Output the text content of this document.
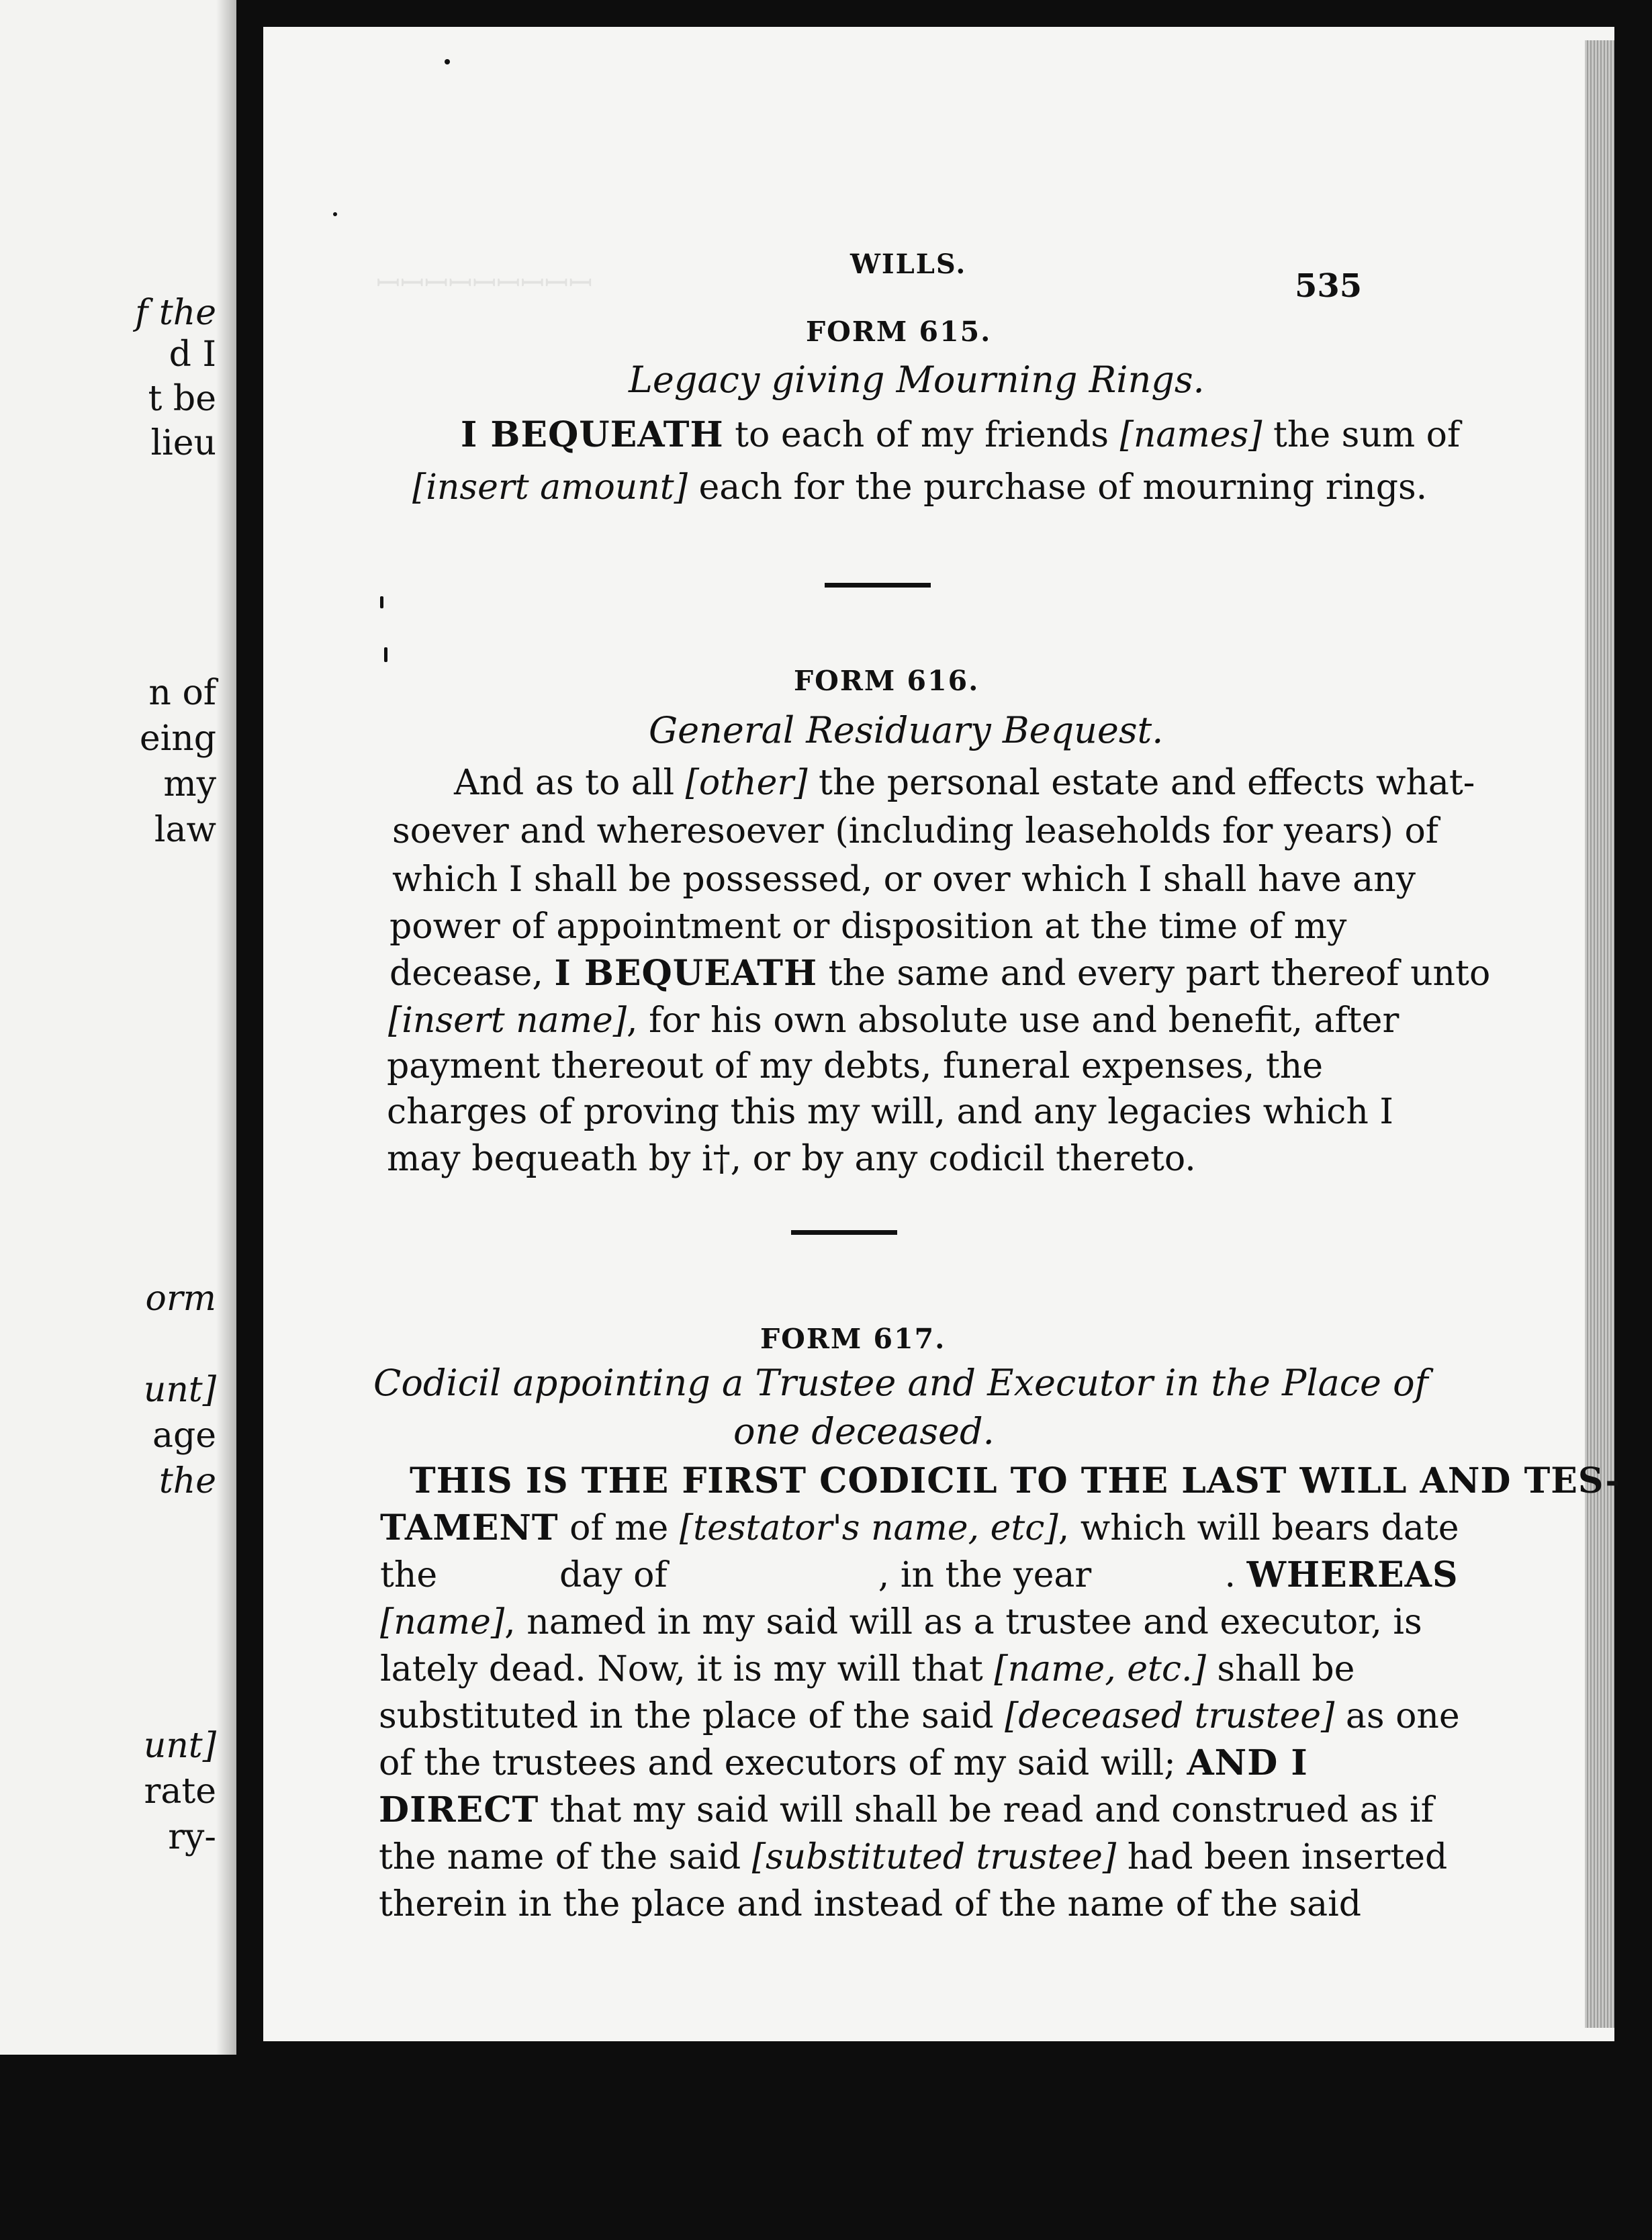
f the

d I

t be

lieu

n of

eing

my

law

orm

unt]

age

the

unt]

rate

ry-

ꟷꟷꟷꟷꟷꟷꟷꟷꟷ

WILLS.

535

FORM 615.

Legacy giving Mourning Rings.

I BEQUEATH to each of my friends [names] the sum of

[insert amount] each for the purchase of mourning rings.

FORM 616.

General Residuary Bequest.

And as to all [other] the personal estate and effects what-

soever and wheresoever (including leaseholds for years) of

which I shall be possessed, or over which I shall have any

power of appointment or disposition at the time of my

decease, I BEQUEATH the same and every part thereof unto

[insert name], for his own absolute use and benefit, after

payment thereout of my debts, funeral expenses, the

charges of proving this my will, and any legacies which I

may bequeath by i†, or by any codicil thereto.

FORM 617.

Codicil appointing a Trustee and Executor in the Place of

one deceased.

THIS IS THE FIRST CODICIL TO THE LAST WILL AND TES-

TAMENT of me [testator's name, etc], which will bears date

the           day of                   , in the year            . WHEREAS

[name], named in my said will as a trustee and executor, is

lately dead. Now, it is my will that [name, etc.] shall be

substituted in the place of the said [deceased trustee] as one

of the trustees and executors of my said will; AND I

DIRECT that my said will shall be read and construed as if

the name of the said [substituted trustee] had been inserted

therein in the place and instead of the name of the said
